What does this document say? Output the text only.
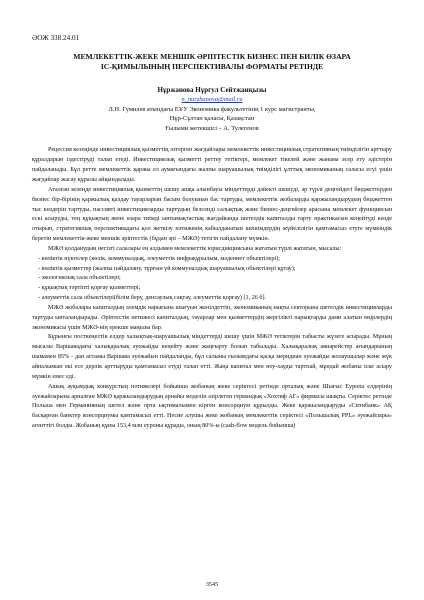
ӘОЖ 338.24.01
МЕМЛЕКЕТТІК-ЖЕКЕ МЕНШІК ӘРІПТЕСТІК БИЗНЕС ПЕН БИЛІК ӨЗАРА
ІС-ҚИМЫЛЫНЫҢ ПЕРСПЕКТИВАЛЫ ФОРМАТЫ РЕТІНДЕ
Нұржанова Нұргул Сейтжанқызы
n_nurzhanova@mail.ru
Л.Н. Гумилев атындағы ЕҰУ Экономика факультетінің 1 курс магистранты,
Нұр-Сұлтан қаласы, Қазақстан
Ғылыми жетекшісі – А. Тулегенов

Рецессия кезеңінде инвестициялық қызметтің әзтерген жағдайлары мемлекеттік инвестициялық стратегияның тиімділігін арттыру құралдарын іздестіруді талап етеді. Инвестициялық қызметті реттеу тетіктері, мемлекет тікелей және жанама әсер ету әдістерін пайдаланады. Бұл ретте мемлекеттік қаржы ел аумағындағы жалпы шаруашылық тиімділігі ұлттық экономиканың саласы есуі үшін жағдайлар жасау құралы айқындалады.

Аталған кезеңде инвестициялық қызметтің шешу ашқа алынбауы міндеттерді дәйекті шешуді, әр түрлі деңгейдегі бюджеттерден бизнес бір-бірінің қаржылық қалдау тауарларын басым болуынан бас тартуды, мемлекеттік жобаларды қаржыландырудың бюджеттен тыс көздерін тартуды, пассивті инвестицияларды тартудың белсенді салықтық және бизнес-деңгейлер арасына мемлекет функциясын ескі асыруды, тең құқықтың жене өзара тиімді ынтымақтастық жағдайында шетелдік капиталды тарту практикасын кеңейтуді көзде отырып, стратегиялық перспективадағы қол жеткізу нәтиженің кабылданатын шешімдердің жүйелілігін қамтамасыз етуге мүмкіндік беретін мемлекеттік-жеке меншік әріптестік (бұдан әрі – МЖӘ) тетігін пайдалану мүмкін.

МЖӘ қолданудың негізгі салалары ең алдымен мемлекеттік юрисдикциясына жататын түрлі жататын, мысалы:

- көліктік нүктелер (көлік, коммуналдық, әлеуметтік инфрақұрылым, мәдениет объектілері);

- көліктік қызметтер (жалпы пайдалану, тұрғын үй коммуналдық шаруашылық объектілері құтау);

- экологиялық сала объектілері;

- құқықтық тәртіпті қорғау қызметтері;

- әлеуметтік сала объектілері(білім беру, денсаулық сақтау, әлеуметтік қорғау) [1, 26 б].

МЖӘ жобалары капиталдың әлемдік нарығына шығуын женілдеттіп, экономиканың нақты секторына шетелдік инвестицияларды тартуды ынталандырады. Әріптестік нетижесі капиталдың, тауарлар мен қызметтердің жергілікті нарықтарды дами алатын өңірлердің экономикасы үшін МЖӘ-нің ерекше маңызы бар.

Бұрынғы посткеңестік елдер халықтық-шаруашылық міндеттерді шешу үшін МЖӘ тетіктерін табысты жүзеге асырады. Мұның мысалы Варшавадағы халықаралық әуежайды кеңейту және жаңғырту болып табылады. Халықаралық авиарейстер ағындарының шамамен 85% - дан астамы Варшава әуежайын пайдаланды, бұл салыны ғылымдағы қасқа меридиан әуежайды жолаушылар және жүк айналымын екі есе дерлік арттыруды қамтамасыз етуді талап етті. Жаңа капитал мен ноу-хауды тартпай, мұндай жобаны іске асыру мүмкін емес еді.

Ашық ауқымдық конкурстың нәтижелері бойынша жобаның жеке серіктесі ретінде орталық және Шығыс Еуропа елдерінің әуежайларына арналған МЖӘ қаржыландырудың арнайы моделін әзірлеген германдық «Хохтиф АГ» фирмасы шықты. Серіктес ретінде Польша мен Германияның шетел және орта ықтималымен кірген консорциум құрылды. Жеке қаржыландыруды «Ситибанк» АҚ басқарған банктер консорциумы қамтамасыз етті. Несие алушы жеке жобаның мемлекеттік серіктесі «Польшалық PPL» әуежайлары» агенттігі болды. Жобаның құны 153,4 млн еуроны құрады, оның 80%-ы (cash-flow модель бойынша)

3545
